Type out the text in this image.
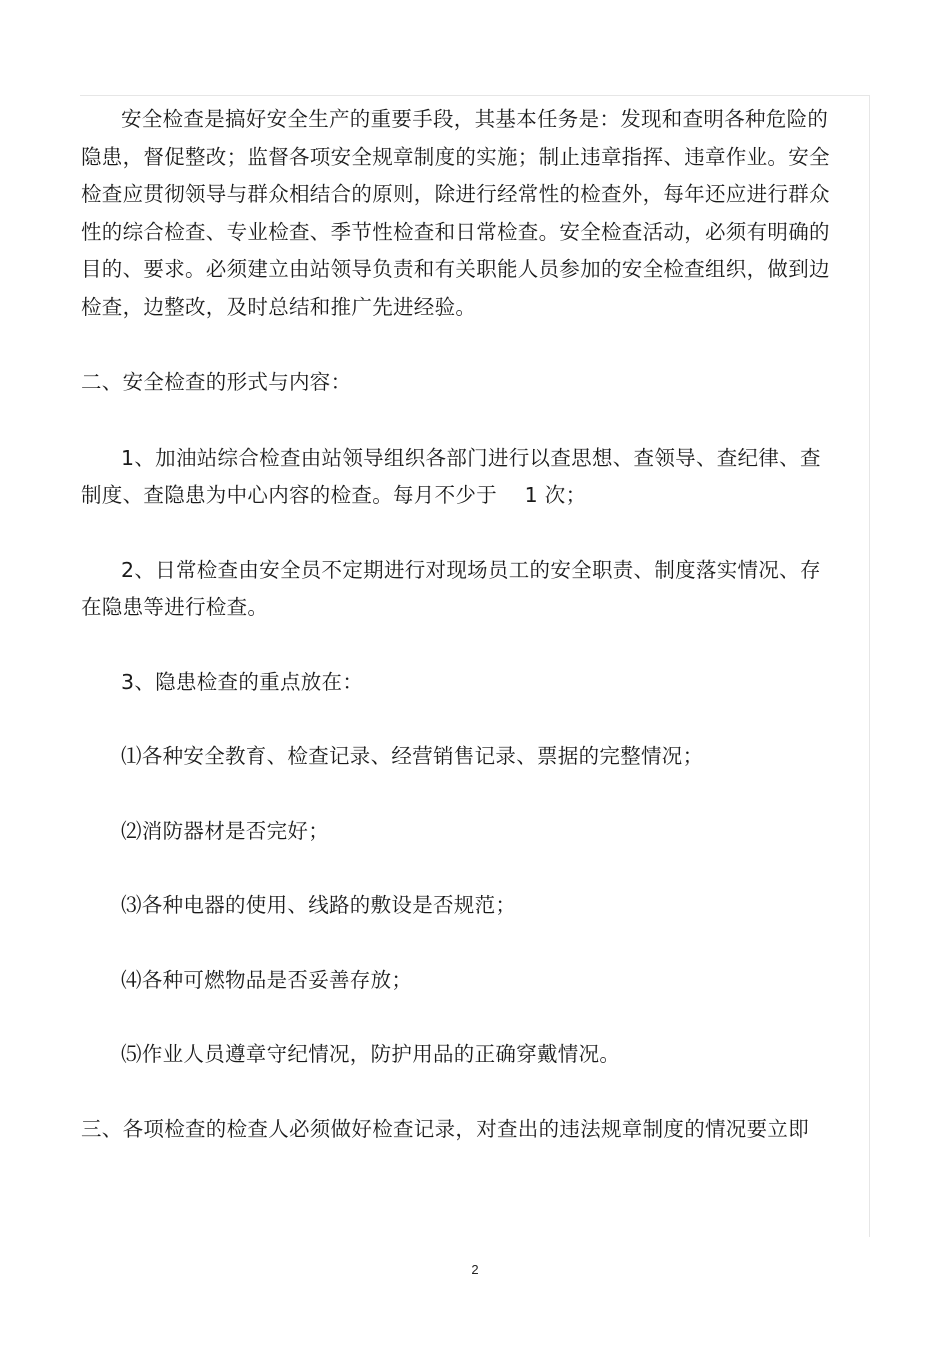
安全检查是搞好安全生产的重要手段，其基本任务是：发现和查明各种危险的隐患，督促整改；监督各项安全规章制度的实施；制止违章指挥、违章作业。安全检查应贯彻领导与群众相结合的原则，除进行经常性的检查外，每年还应进行群众性的综合检查、专业检查、季节性检查和日常检查。安全检查活动，必须有明确的目的、要求。必须建立由站领导负责和有关职能人员参加的安全检查组织，做到边检查，边整改，及时总结和推广先进经验。

二、安全检查的形式与内容：

1、加油站综合检查由站领导组织各部门进行以查思想、查领导、查纪律、查制度、查隐患为中心内容的检查。每月不少于　 1 次；

2、日常检查由安全员不定期进行对现场员工的安全职责、制度落实情况、存在隐患等进行检查。

3、隐患检查的重点放在：

⑴各种安全教育、检查记录、经营销售记录、票据的完整情况；

⑵消防器材是否完好；

⑶各种电器的使用、线路的敷设是否规范；

⑷各种可燃物品是否妥善存放；

⑸作业人员遵章守纪情况，防护用品的正确穿戴情况。

三、各项检查的检查人必须做好检查记录，对查出的违法规章制度的情况要立即

2
